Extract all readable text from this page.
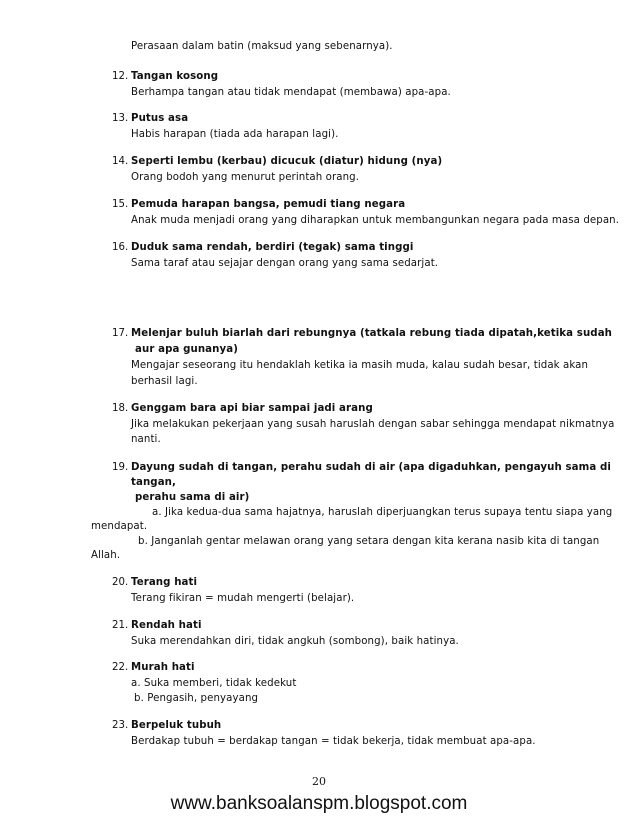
Perasaan dalam batin (maksud yang sebenarnya).
12. Tangan kosong
Berhampa tangan atau tidak mendapat (membawa) apa-apa.
13. Putus asa
Habis harapan (tiada ada harapan lagi).
14. Seperti lembu (kerbau) dicucuk (diatur) hidung (nya)
Orang bodoh yang menurut perintah orang.
15. Pemuda harapan bangsa, pemudi tiang negara
Anak muda menjadi orang yang diharapkan untuk membangunkan negara pada masa depan.
16. Duduk sama rendah, berdiri (tegak) sama tinggi
Sama taraf atau sejajar dengan orang yang sama sedarjat.
17. Melenjar buluh biarlah dari rebungnya (tatkala rebung tiada dipatah,ketika sudah
aur apa gunanya)
Mengajar seseorang itu hendaklah ketika ia masih muda, kalau sudah besar, tidak akan
berhasil lagi.
18. Genggam bara api biar sampai jadi arang
Jika melakukan pekerjaan yang susah haruslah dengan sabar sehingga mendapat nikmatnya
nanti.
19. Dayung sudah di tangan, perahu sudah di air (apa digaduhkan, pengayuh sama di
tangan,
perahu sama di air)
a. Jika kedua-dua sama hajatnya, haruslah diperjuangkan terus supaya tentu siapa yang
mendapat.
b. Janganlah gentar melawan orang yang setara dengan kita kerana nasib kita di tangan
Allah.
20. Terang hati
Terang fikiran = mudah mengerti (belajar).
21. Rendah hati
Suka merendahkan diri, tidak angkuh (sombong), baik hatinya.
22. Murah hati
a. Suka memberi, tidak kedekut
b. Pengasih, penyayang
23. Berpeluk tubuh
Berdakap tubuh = berdakap tangan = tidak bekerja, tidak membuat apa-apa.
20
www.banksoalanspm.blogspot.com
